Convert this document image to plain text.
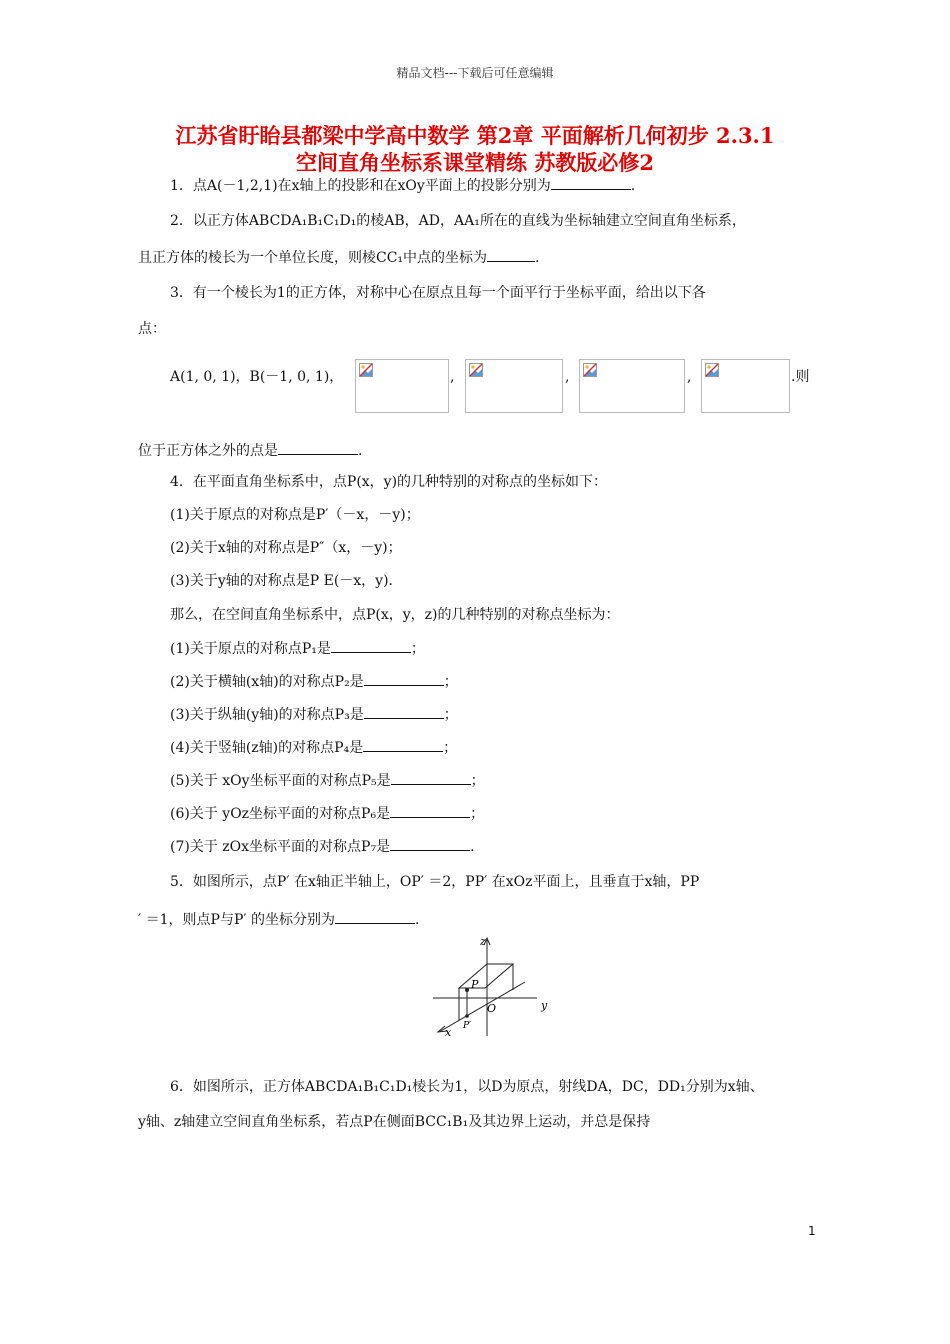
精品文档---下载后可任意编辑
江苏省盱眙县都梁中学高中数学 第2章 平面解析几何初步 2.3.1
空间直角坐标系课堂精练 苏教版必修2
1．点A(－1,2,1)在x轴上的投影和在xOy平面上的投影分别为	.
2．以正方体ABCDA₁B₁C₁D₁的棱AB，AD，AA₁所在的直线为坐标轴建立空间直角坐标系，
且正方体的棱长为一个单位长度，则棱CC₁中点的坐标为	.
3．有一个棱长为1的正方体，对称中心在原点且每一个面平行于坐标平面，给出以下各
点：
A(1, 0, 1)，B(－1, 0, 1)，	,	,	,	.则
位于正方体之外的点是	.
4．在平面直角坐标系中，点P(x，y)的几种特别的对称点的坐标如下：
(1)关于原点的对称点是P′（－x，－y)；
(2)关于x轴的对称点是P″（x，－y)；
(3)关于y轴的对称点是P Ε(－x，y)．
那么，在空间直角坐标系中，点P(x，y，z)的几种特别的对称点坐标为：
(1)关于原点的对称点P₁是	；
(2)关于横轴(x轴)的对称点P₂是	；
(3)关于纵轴(y轴)的对称点P₃是	；
(4)关于竖轴(z轴)的对称点P₄是	；
(5)关于 xOy坐标平面的对称点P₅是	；
(6)关于 yOz坐标平面的对称点P₆是	；
(7)关于 zOx坐标平面的对称点P₇是	.
5．如图所示，点P′ 在x轴正半轴上，OP′ ＝2，PP′ 在xOz平面上，且垂直于x轴，PP
′ ＝1，则点P与P′ 的坐标分别为	.
z
y
x
P
O
P′
6．如图所示，正方体ABCDA₁B₁C₁D₁棱长为1，以D为原点，射线DA，DC，DD₁分别为x轴、
y轴、z轴建立空间直角坐标系，若点P在侧面BCC₁B₁及其边界上运动，并总是保持
1
